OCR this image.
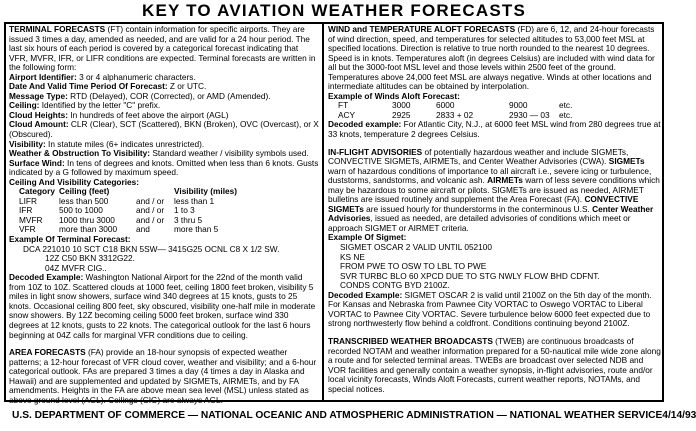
KEY TO AVIATION WEATHER FORECASTS

TERMINAL FORECASTS (FT) contain information for specific airports. They are issued 3 times a day, amended as needed, and are valid for a 24 hour period. The last six hours of each period is covered by a categorical forecast indicating that VFR, MVFR, IFR, or LIFR conditions are expected. Terminal forecasts are written in the following form:

Airport Identifier: 3 or 4 alphanumeric characters.

Date And Valid Time Period Of Forecast: Z or UTC.

Message Type: RTD (Delayed), COR (Corrected), or AMD (Amended).

Ceiling: Identified by the letter "C" prefix.

Cloud Heights: In hundreds of feet above the airport (AGL)

Cloud Amount: CLR (Clear), SCT (Scattered), BKN (Broken), OVC (Overcast), or X (Obscured).

Visibility: In statute miles (6+ indicates unrestricted).

Weather & Obstruction To Visibility: Standard weather / visibility symbols used.

Surface Wind: In tens of degrees and knots. Omitted when less than 6 knots. Gusts indicated by a G followed by maximum speed.

Ceiling And Visibility Categories:

Category Ceiling (feet)	Visibility (miles)
LIFR	less than 500	and / or	less than 1
IFR	500 to 1000	and / or	1 to 3
MVFR	1000 thru 3000	and / or	3 thru 5
VFR	more than 3000	and	more than 5

Example Of Terminal Forecast:

DCA 221010 10 SCT C18 BKN 5SW— 3415G25 OCNL C8 X 1/2 SW.

12Z C50 BKN 3312G22.

04Z MVFR CIG..

Decoded Example: Washington National Airport for the 22nd of the month valid from 10Z to 10Z. Scattered clouds at 1000 feet, ceiling 1800 feet broken, visibility 5 miles in light snow showers, surface wind 340 degrees at 15 knots, gusts to 25 knots. Occasional ceiling 800 feet, sky obscured, visibility one-half mile in moderate snow showers. By 12Z becoming ceiling 5000 feet broken, surface wind 330 degrees at 12 knots, gusts to 22 knots. The categorical outlook for the last 6 hours beginning at 04Z calls for marginal VFR conditions due to ceiling.

AREA FORECASTS (FA) provide an 18-hour synopsis of expected weather patterns; a 12-hour forecast of VFR cloud cover, weather and visibility; and a 6-hour categorical outlook. FAs are prepared 3 times a day (4 times a day in Alaska and Hawaii) and are supplemented and updated by SIGMETs, AIRMETs, and by FA amendments. Heights in the FA are above mean sea level (MSL) unless stated as above ground level (AGL). Ceilings (CIG) are always AGL.

WIND and TEMPERATURE ALOFT FORECASTS (FD) are 6, 12, and 24-hour forecasts of wind direction, speed, and temperatures for selected altitudes to 53,000 feet MSL at specified locations. Direction is relative to true north rounded to the nearest 10 degrees. Speed is in knots. Temperatures aloft (in degrees Celsius) are included with wind data for all but the 3000-foot MSL level and those levels within 2500 feet of the ground. Temperatures above 24,000 feet MSL are always negative. Winds at other locations and intermediate altitudes can be obtained by interpolation.

Example of Winds Aloft Forecast:

FT	3000	6000	9000	etc.
ACY	2925	2833 + 02	2930 — 03	etc.

Decoded example: For Atlantic City, N.J., at 6000 feet MSL wind from 280 degrees true at 33 knots, temperature 2 degrees Celsius.

IN-FLIGHT ADVISORIES of potentially hazardous weather and include SIGMETs, CONVECTIVE SIGMETs, AIRMETs, and Center Weather Advisories (CWA). SIGMETs warn of hazardous conditions of importance to all aircraft i.e., severe icing or turbulence, duststorms, sandstorms, and volcanic ash. AIRMETs warn of less severe conditions which may be hazardous to some aircraft or pilots. SIGMETs are issued as needed, AIRMET bulletins are issued routinely and supplement the Area Forecast (FA). CONVECTIVE SIGMETs are issued hourly for thunderstorms in the conterminous U.S. Center Weather Advisories, issued as needed, are detailed advisories of conditions which meet or approach SIGMET or AIRMET criteria.

Example Of Sigmet:

SIGMET OSCAR 2 VALID UNTIL 052100

KS NE

FROM PWE TO OSW TO LBL TO PWE

SVR TURBC BLO 60 XPCD DUE TO STG NWLY FLOW BHD CDFNT.

CONDS CONTG BYD 2100Z.

Decoded Example: SIGMET OSCAR 2 is valid until 2100Z on the 5th day of the month. For Kansas and Nebraska from Pawnee City VORTAC to Oswego VORTAC to Liberal VORTAC to Pawnee City VORTAC. Severe turbulence below 6000 feet expected due to strong northwesterly flow behind a coldfront. Conditions continuing beyond 2100Z.

TRANSCRIBED WEATHER BROADCASTS (TWEB) are continuous broadcasts of recorded NOTAM and weather information prepared for a 50-nautical mile wide zone along a route and for selected terminal areas. TWEBs are broadcast over selected NDB and VOR facilities and generally contain a weather synopsis, in-flight advisories, route and/or local vicinity forecasts, Winds Aloft Forecasts, current weather reports, NOTAMs, and special notices.

U.S. DEPARTMENT OF COMMERCE — NATIONAL OCEANIC AND ATMOSPHERIC ADMINISTRATION — NATIONAL WEATHER SERVICE 4/14/93
